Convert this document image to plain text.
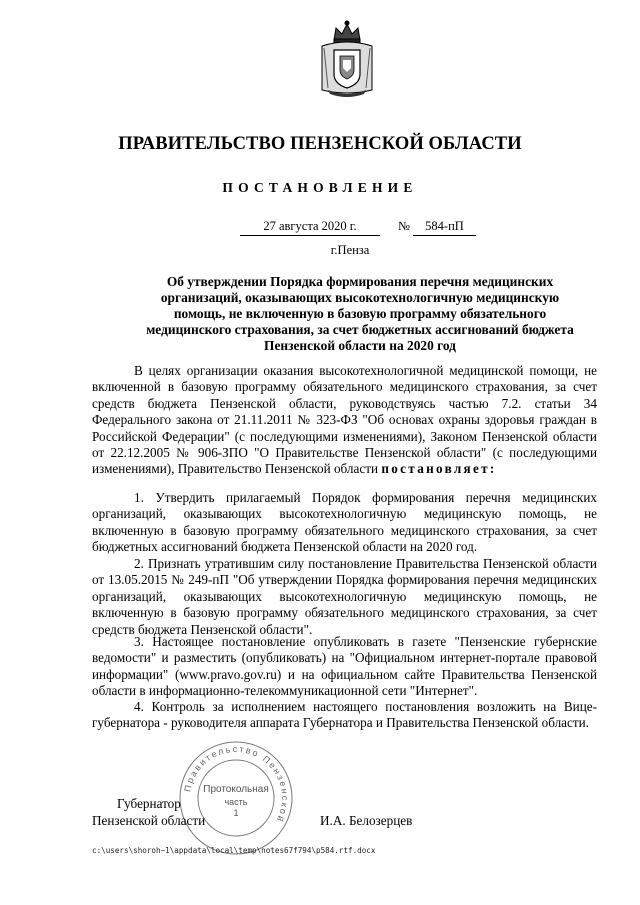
ПРАВИТЕЛЬСТВО ПЕНЗЕНСКОЙ ОБЛАСТИ
ПОСТАНОВЛЕНИЕ
27 августа 2020 г.	№	584-пП
г.Пенза
Об утверждении Порядка формирования перечня медицинских организаций, оказывающих высокотехнологичную медицинскую помощь, не включенную в базовую программу обязательного медицинского страхования, за счет бюджетных ассигнований бюджета Пензенской области на 2020 год
В целях организации оказания высокотехнологичной медицинской помощи, не включенной в базовую программу обязательного медицинского страхования, за счет средств бюджета Пензенской области, руководствуясь частью 7.2. статьи 34 Федерального закона от 21.11.2011 № 323-ФЗ "Об основах охраны здоровья граждан в Российской Федерации" (с последующими изменениями), Законом Пензенской области от 22.12.2005 № 906-ЗПО "О Правительстве Пензенской области" (с последующими изменениями), Правительство Пензенской области постановляет:
1. Утвердить прилагаемый Порядок формирования перечня медицинских организаций, оказывающих высокотехнологичную медицинскую помощь, не включенную в базовую программу обязательного медицинского страхования, за счет бюджетных ассигнований бюджета Пензенской области на 2020 год.
2. Признать утратившим силу постановление Правительства Пензенской области от 13.05.2015 № 249-пП "Об утверждении Порядка формирования перечня медицинских организаций, оказывающих высокотехнологичную медицинскую помощь, не включенную в базовую программу обязательного медицинского страхования, за счет средств бюджета Пензенской области".
3. Настоящее постановление опубликовать в газете "Пензенские губернские ведомости" и разместить (опубликовать) на "Официальном интернет-портале правовой информации" (www.pravo.gov.ru) и на официальном сайте Правительства Пензенской области в информационно-телекоммуникационной сети "Интернет".
4. Контроль за исполнением настоящего постановления возложить на Вице-губернатора - руководителя аппарата Губернатора и Правительства Пензенской области.
Правительство Пензенской
Протокольная
часть
1
Губернатор
Пензенской области	И.А. Белозерцев
c:\users\shoroh~1\appdata\local\temp\notes67f794\p584.rtf.docx
